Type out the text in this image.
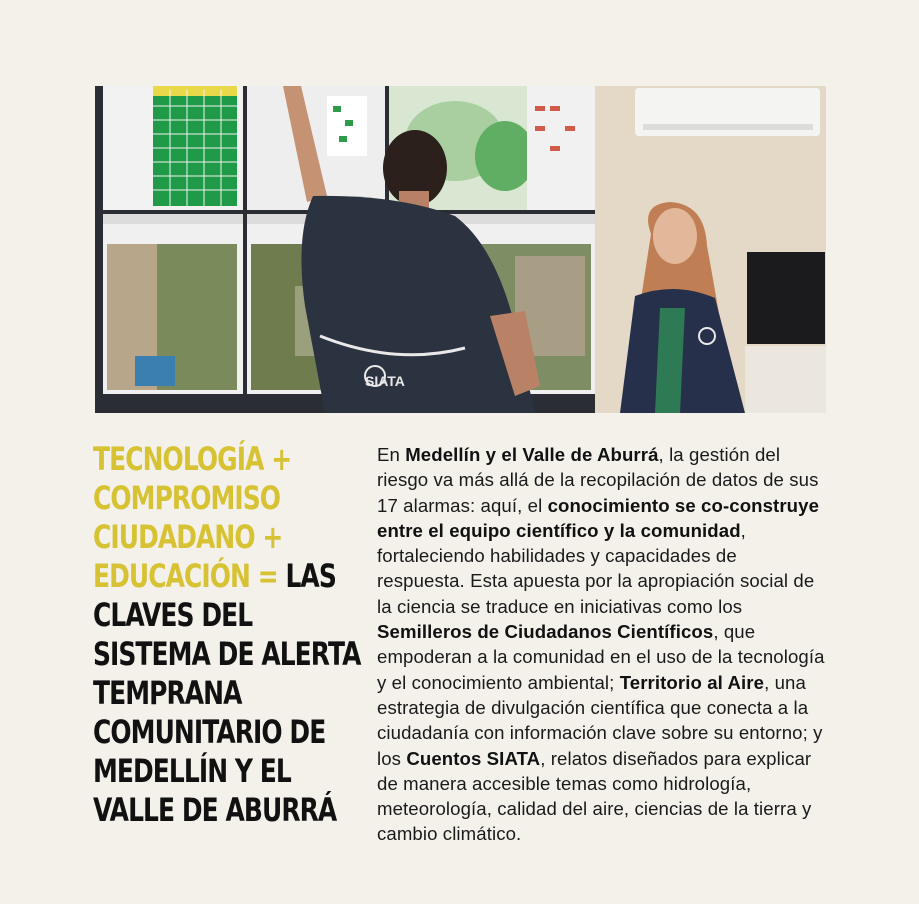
SIATA
TECNOLOGÍA + COMPROMISO CIUDADANO + EDUCACIÓN = LAS CLAVES DEL SISTEMA DE ALERTA TEMPRANA COMUNITARIO DE MEDELLÍN Y EL VALLE DE ABURRÁ
En Medellín y el Valle de Aburrá, la gestión del riesgo va más allá de la recopilación de datos de sus 17 alarmas: aquí, el conocimiento se co-construye entre el equipo científico y la comunidad, fortaleciendo habilidades y capacidades de respuesta. Esta apuesta por la apropiación social de la ciencia se traduce en iniciativas como los Semilleros de Ciudadanos Científicos, que empoderan a la comunidad en el uso de la tecnología y el conocimiento ambiental; Territorio al Aire, una estrategia de divulgación científica que conecta a la ciudadanía con información clave sobre su entorno; y los Cuentos SIATA, relatos diseñados para explicar de manera accesible temas como hidrología, meteorología, calidad del aire, ciencias de la tierra y cambio climático.
